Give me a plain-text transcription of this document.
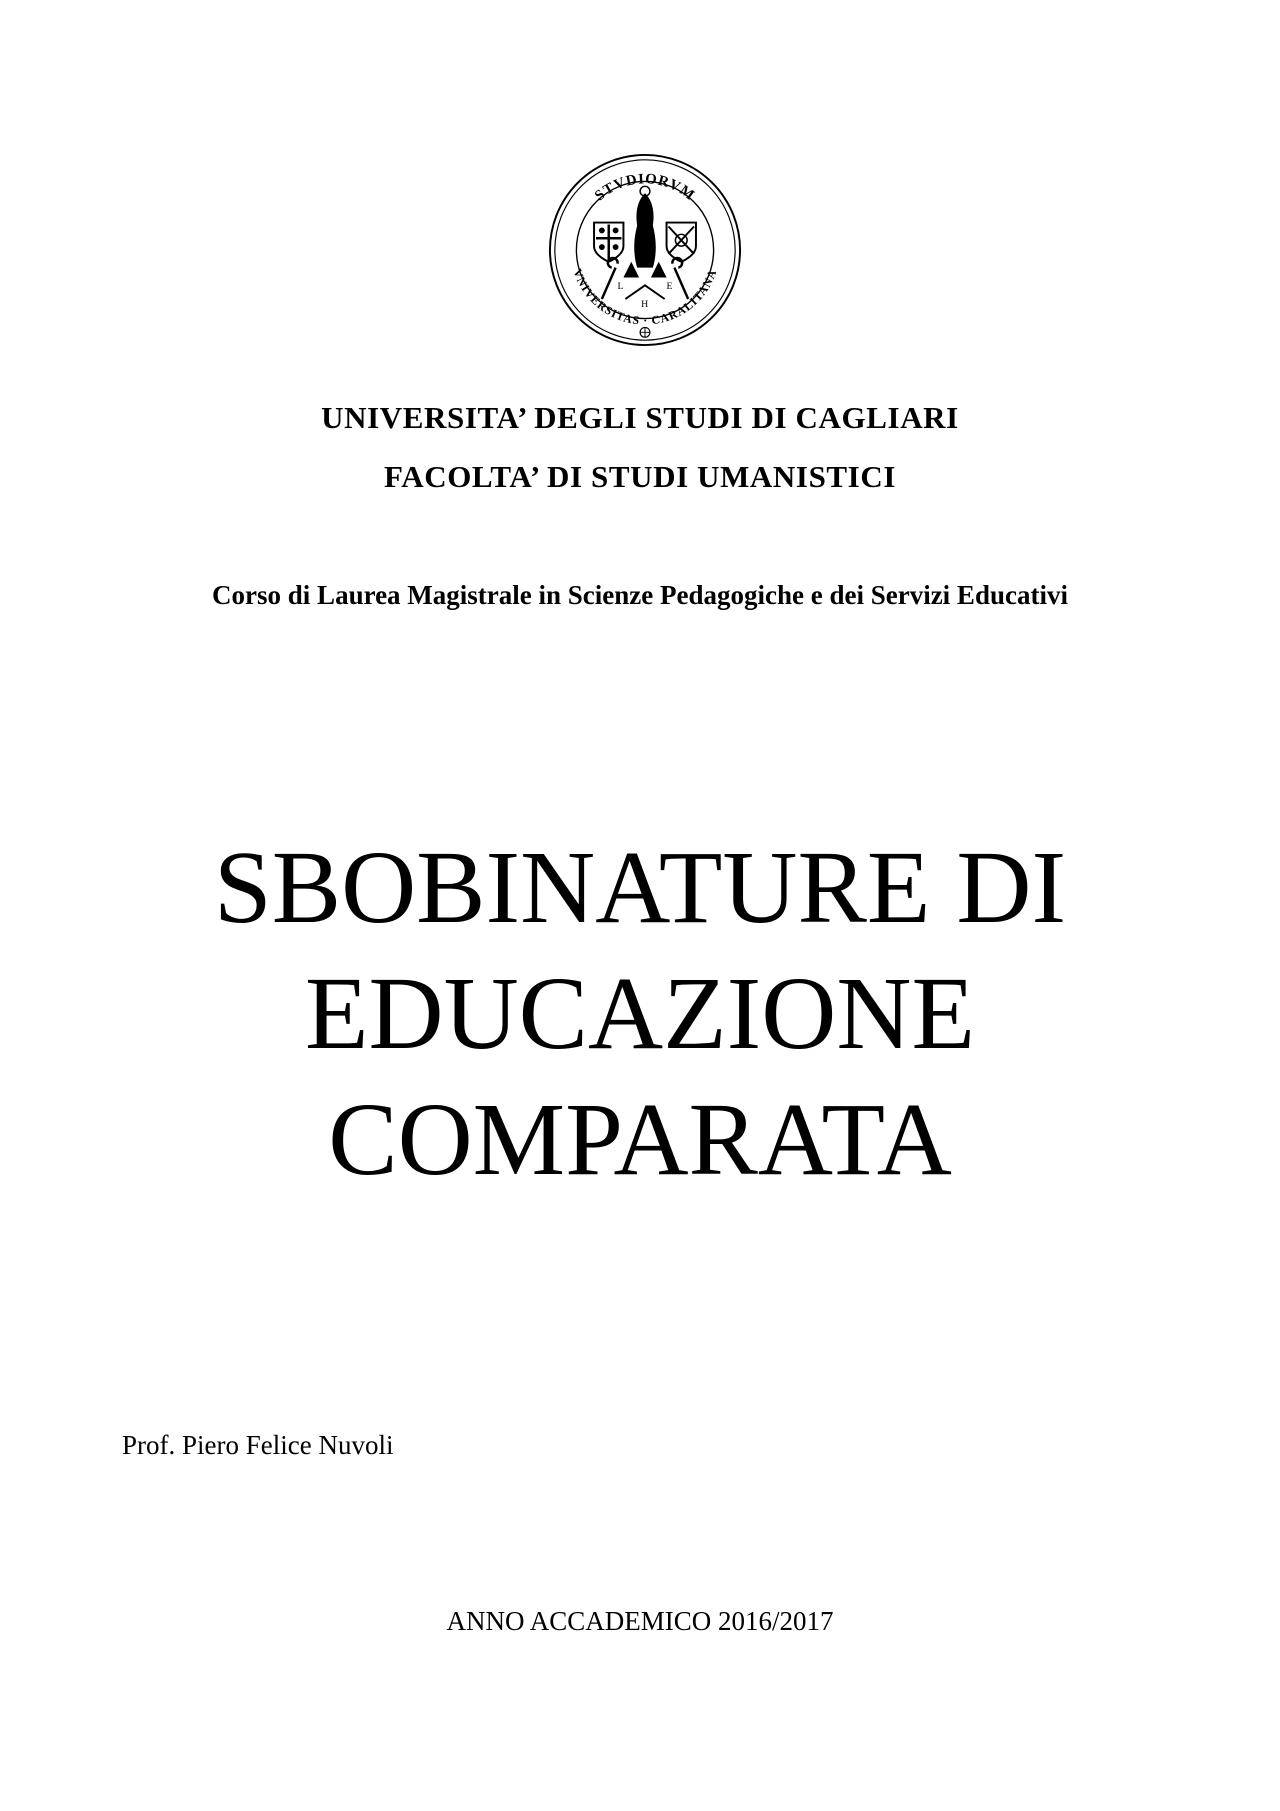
STVDIORVM
VNIVERSITAS · CARALITANA
L	E
H
UNIVERSITA’ DEGLI STUDI DI CAGLIARI
FACOLTA’ DI STUDI UMANISTICI
Corso di Laurea Magistrale in Scienze Pedagogiche e dei Servizi Educativi
SBOBINATURE DI
EDUCAZIONE
COMPARATA
Prof. Piero Felice Nuvoli
ANNO ACCADEMICO 2016/2017
